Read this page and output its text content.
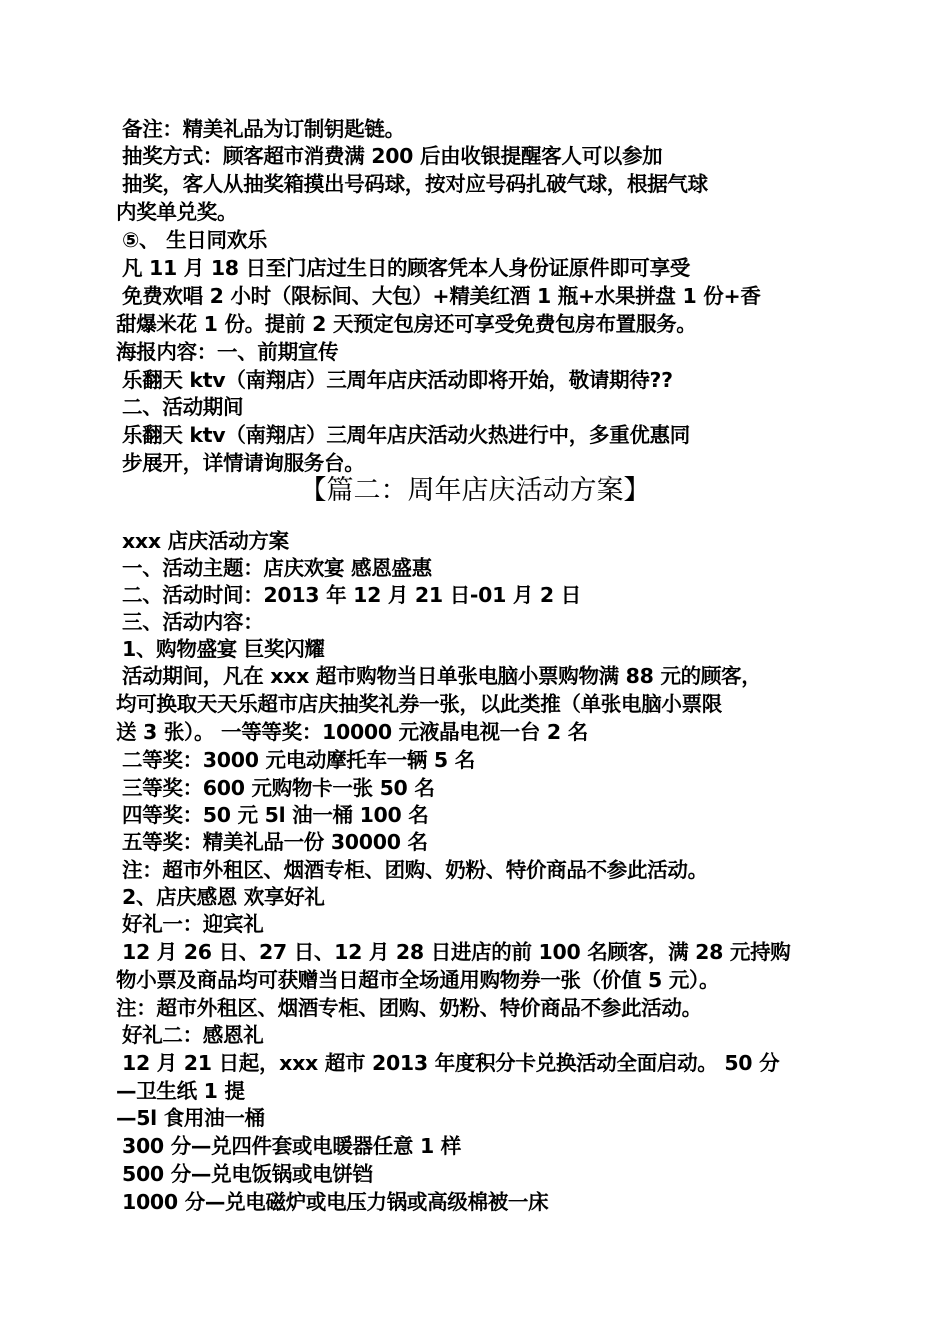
备注：精美礼品为订制钥匙链。
抽奖方式：顾客超市消费满 200 后由收银提醒客人可以参加
抽奖，客人从抽奖箱摸出号码球，按对应号码扎破气球，根据气球
内奖单兑奖。
⑤、 生日同欢乐
凡 11 月 18 日至门店过生日的顾客凭本人身份证原件即可享受
免费欢唱 2 小时（限标间、大包）+精美红酒 1 瓶+水果拼盘 1 份+香
甜爆米花 1 份。提前 2 天预定包房还可享受免费包房布置服务。
海报内容：一、前期宣传
乐翻天 ktv（南翔店）三周年店庆活动即将开始，敬请期待??
二、活动期间
乐翻天 ktv（南翔店）三周年店庆活动火热进行中，多重优惠同
步展开，详情请询服务台。
【篇二：周年店庆活动方案】
xxx 店庆活动方案
一、活动主题：店庆欢宴 感恩盛惠
二、活动时间：2013 年 12 月 21 日-01 月 2 日
三、活动内容：
1、购物盛宴 巨奖闪耀
活动期间，凡在 xxx 超市购物当日单张电脑小票购物满 88 元的顾客，
均可换取天天乐超市店庆抽奖礼券一张，以此类推（单张电脑小票限
送 3 张）。 一等等奖：10000 元液晶电视一台 2 名
二等奖：3000 元电动摩托车一辆 5 名
三等奖：600 元购物卡一张 50 名
四等奖：50 元 5l 油一桶 100 名
五等奖：精美礼品一份 30000 名
注：超市外租区、烟酒专柜、团购、奶粉、特价商品不参此活动。
2、店庆感恩 欢享好礼
好礼一：迎宾礼
12 月 26 日、27 日、12 月 28 日进店的前 100 名顾客，满 28 元持购
物小票及商品均可获赠当日超市全场通用购物券一张（价值 5 元）。
注：超市外租区、烟酒专柜、团购、奶粉、特价商品不参此活动。
好礼二：感恩礼
12 月 21 日起，xxx 超市 2013 年度积分卡兑换活动全面启动。 50 分
—卫生纸 1 提
—5l 食用油一桶
300 分—兑四件套或电暖器任意 1 样
500 分—兑电饭锅或电饼铛
1000 分—兑电磁炉或电压力锅或高级棉被一床
